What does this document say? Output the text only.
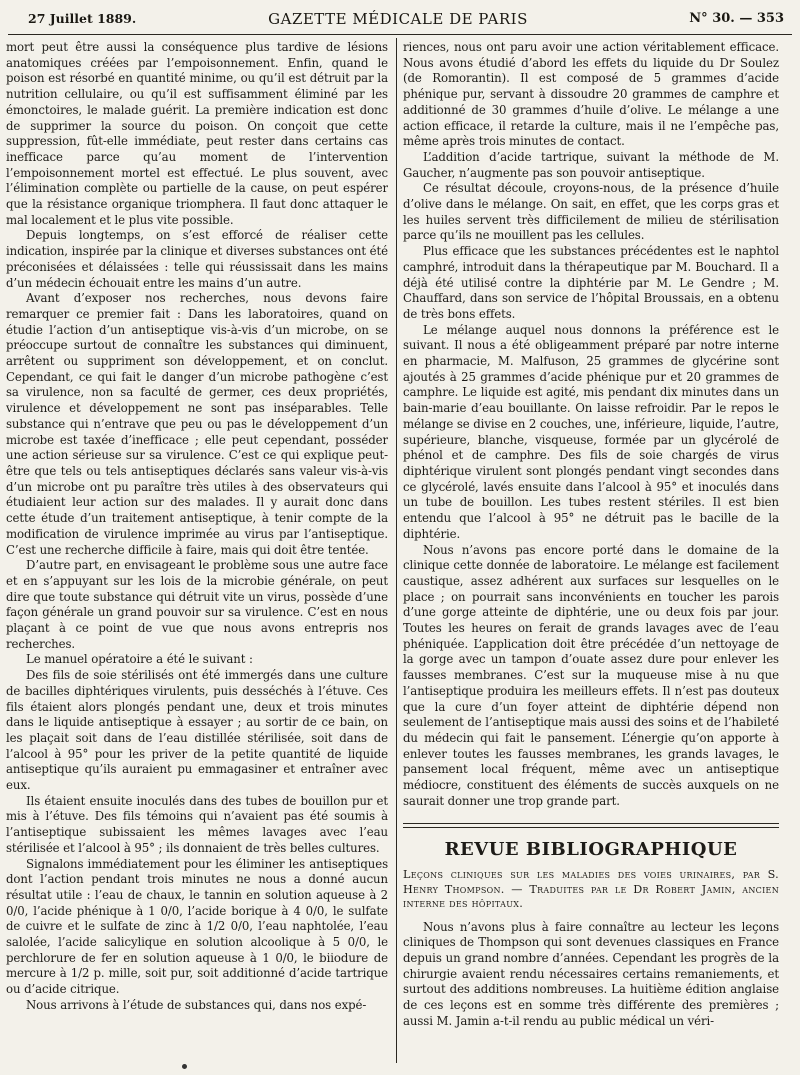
27 Juillet 1889.	GAZETTE MÉDICALE DE PARIS	N° 30. — 353

mort peut être aussi la conséquence plus tardive de lésions anatomiques créées par l’empoisonnement. Enfin, quand le poison est résorbé en quantité minime, ou qu’il est détruit par la nutrition cellulaire, ou qu’il est suffisamment éliminé par les émonctoires, le malade guérit. La première indication est donc de supprimer la source du poison. On conçoit que cette suppression, fût-elle immédiate, peut rester dans certains cas inefficace parce qu’au moment de l’intervention l’empoisonnement mortel est effectué. Le plus souvent, avec l’élimination complète ou partielle de la cause, on peut espérer que la résistance organique triomphera. Il faut donc attaquer le mal localement et le plus vite possible.

Depuis longtemps, on s’est efforcé de réaliser cette indication, inspirée par la clinique et diverses substances ont été préconisées et délaissées : telle qui réussissait dans les mains d’un médecin échouait entre les mains d’un autre.

Avant d’exposer nos recherches, nous devons faire remarquer ce premier fait : Dans les laboratoires, quand on étudie l’action d’un antiseptique vis-à-vis d’un microbe, on se préoccupe surtout de connaître les substances qui diminuent, arrêtent ou suppriment son développement, et on conclut. Cependant, ce qui fait le danger d’un microbe pathogène c’est sa virulence, non sa faculté de germer, ces deux propriétés, virulence et développement ne sont pas inséparables. Telle substance qui n’entrave que peu ou pas le développement d’un microbe est taxée d’inefficace ; elle peut cependant, posséder une action sérieuse sur sa virulence. C’est ce qui explique peut-être que tels ou tels antiseptiques déclarés sans valeur vis-à-vis d’un microbe ont pu paraître très utiles à des observateurs qui étudiaient leur action sur des malades. Il y aurait donc dans cette étude d’un traitement antiseptique, à tenir compte de la modification de virulence imprimée au virus par l’antiseptique. C’est une recherche difficile à faire, mais qui doit être tentée.

D’autre part, en envisageant le problème sous une autre face et en s’appuyant sur les lois de la microbie générale, on peut dire que toute substance qui détruit vite un virus, possède d’une façon générale un grand pouvoir sur sa virulence. C’est en nous plaçant à ce point de vue que nous avons entrepris nos recherches.

Le manuel opératoire a été le suivant :

Des fils de soie stérilisés ont été immergés dans une culture de bacilles diphtériques virulents, puis desséchés à l’étuve. Ces fils étaient alors plongés pendant une, deux et trois minutes dans le liquide antiseptique à essayer ; au sortir de ce bain, on les plaçait soit dans de l’eau distillée stérilisée, soit dans de l’alcool à 95° pour les priver de la petite quantité de liquide antiseptique qu’ils auraient pu emmagasiner et entraîner avec eux.

Ils étaient ensuite inoculés dans des tubes de bouillon pur et mis à l’étuve. Des fils témoins qui n’avaient pas été soumis à l’antiseptique subissaient les mêmes lavages avec l’eau stérilisée et l’alcool à 95° ; ils donnaient de très belles cultures.

Signalons immédiatement pour les éliminer les antiseptiques dont l’action pendant trois minutes ne nous a donné aucun résultat utile : l’eau de chaux, le tannin en solution aqueuse à 2 0/0, l’acide phénique à 1 0/0, l’acide borique à 4 0/0, le sulfate de cuivre et le sulfate de zinc à 1/2 0/0, l’eau naphtolée, l’eau salolée, l’acide salicylique en solution alcoolique à 5 0/0, le perchlorure de fer en solution aqueuse à 1 0/0, le biiodure de mercure à 1/2 p. mille, soit pur, soit additionné d’acide tartrique ou d’acide citrique.

Nous arrivons à l’étude de substances qui, dans nos expé-

riences, nous ont paru avoir une action véritablement efficace. Nous avons étudié d’abord les effets du liquide du Dr Soulez (de Romorantin). Il est composé de 5 grammes d’acide phénique pur, servant à dissoudre 20 grammes de camphre et additionné de 30 grammes d’huile d’olive. Le mélange a une action efficace, il retarde la culture, mais il ne l’empêche pas, même après trois minutes de contact.

L’addition d’acide tartrique, suivant la méthode de M. Gaucher, n’augmente pas son pouvoir antiseptique.

Ce résultat découle, croyons-nous, de la présence d’huile d’olive dans le mélange. On sait, en effet, que les corps gras et les huiles servent très difficilement de milieu de stérilisation parce qu’ils ne mouillent pas les cellules.

Plus efficace que les substances précédentes est le naphtol camphré, introduit dans la thérapeutique par M. Bouchard. Il a déjà été utilisé contre la diphtérie par M. Le Gendre ; M. Chauffard, dans son service de l’hôpital Broussais, en a obtenu de très bons effets.

Le mélange auquel nous donnons la préférence est le suivant. Il nous a été obligeamment préparé par notre interne en pharmacie, M. Malfuson, 25 grammes de glycérine sont ajoutés à 25 grammes d’acide phénique pur et 20 grammes de camphre. Le liquide est agité, mis pendant dix minutes dans un bain-marie d’eau bouillante. On laisse refroidir. Par le repos le mélange se divise en 2 couches, une, inférieure, liquide, l’autre, supérieure, blanche, visqueuse, formée par un glycérolé de phénol et de camphre. Des fils de soie chargés de virus diphtérique virulent sont plongés pendant vingt secondes dans ce glycérolé, lavés ensuite dans l’alcool à 95° et inoculés dans un tube de bouillon. Les tubes restent stériles. Il est bien entendu que l’alcool à 95° ne détruit pas le bacille de la diphtérie.

Nous n’avons pas encore porté dans le domaine de la clinique cette donnée de laboratoire. Le mélange est facilement caustique, assez adhérent aux surfaces sur lesquelles on le place ; on pourrait sans inconvénients en toucher les parois d’une gorge atteinte de diphtérie, une ou deux fois par jour. Toutes les heures on ferait de grands lavages avec de l’eau phéniquée. L’application doit être précédée d’un nettoyage de la gorge avec un tampon d’ouate assez dure pour enlever les fausses membranes. C’est sur la muqueuse mise à nu que l’antiseptique produira les meilleurs effets. Il n’est pas douteux que la cure d’un foyer atteint de diphtérie dépend non seulement de l’antiseptique mais aussi des soins et de l’habileté du médecin qui fait le pansement. L’énergie qu’on apporte à enlever toutes les fausses membranes, les grands lavages, le pansement local fréquent, même avec un antiseptique médiocre, constituent des éléments de succès auxquels on ne saurait donner une trop grande part.

REVUE BIBLIOGRAPHIQUE

Leçons cliniques sur les maladies des voies urinaires, par S. Henry Thompson. — Traduites par le Dr Robert Jamin, ancien interne des hôpitaux.

Nous n’avons plus à faire connaître au lecteur les leçons cliniques de Thompson qui sont devenues classiques en France depuis un grand nombre d’années. Cependant les progrès de la chirurgie avaient rendu nécessaires certains remaniements, et surtout des additions nombreuses. La huitième édition anglaise de ces leçons est en somme très différente des premières ; aussi M. Jamin a-t-il rendu au public médical un véri-
